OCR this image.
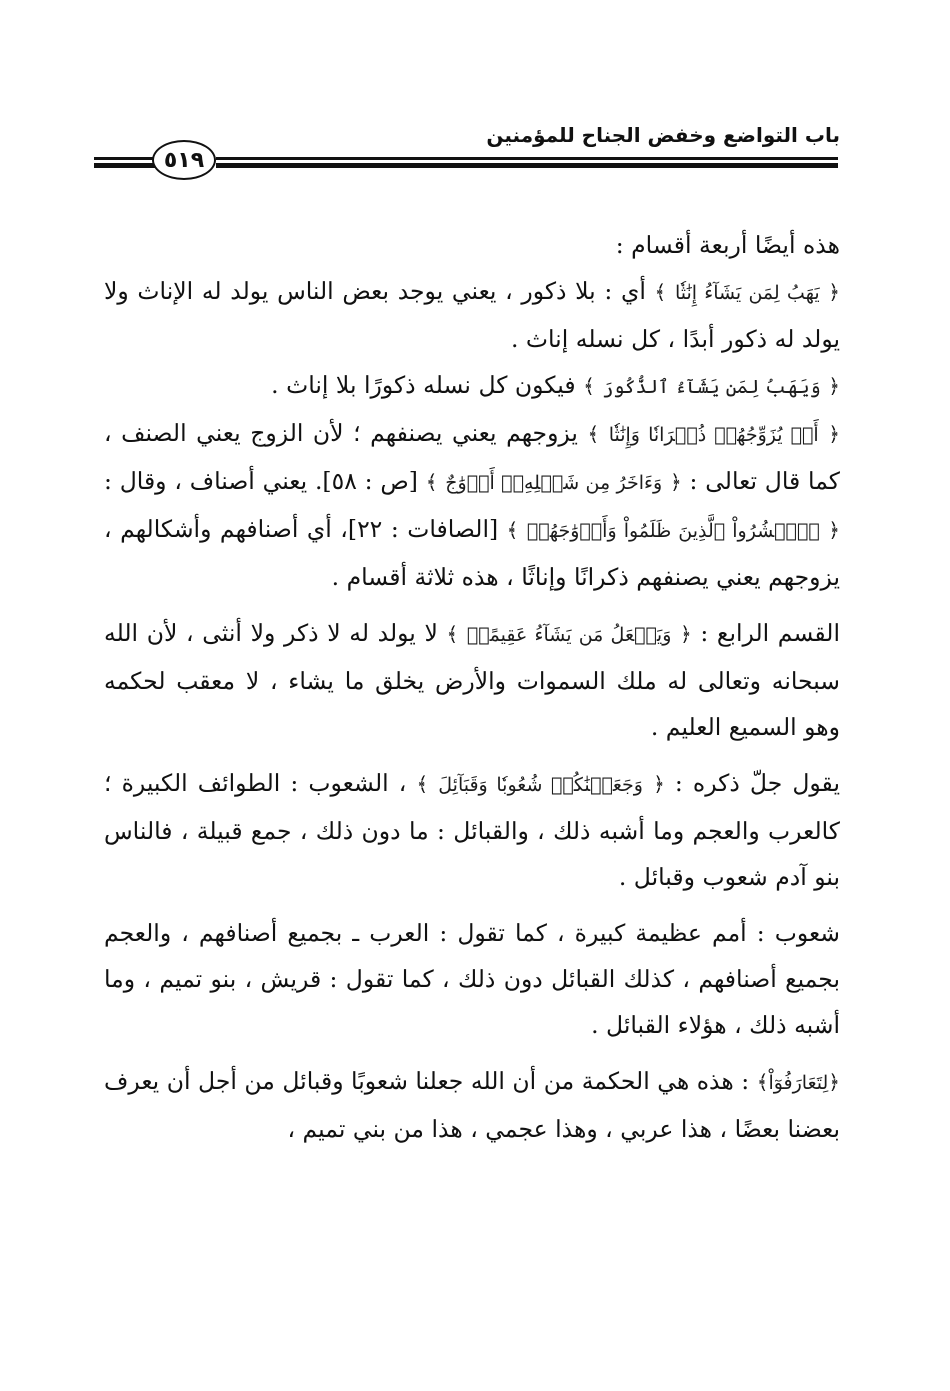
باب التواضع وخفض الجناح للمؤمنين
٥١٩

هذه أيضًا أربعة أقسام :

﴿ يَهَبُ لِمَن يَشَآءُ إِنَٰثٗا ﴾ أي : بلا ذكور ، يعني يوجد بعض الناس يولد له الإناث ولا يولد له ذكور أبدًا ، كل نسله إناث .

﴿ وَيَهَبُ لِمَن يَشَآءُ ٱلذُّكُورَ ﴾ فيكون كل نسله ذكورًا بلا إناث .

﴿ أَوۡ يُزَوِّجُهُمۡ ذُكۡرَانٗا وَإِنَٰثٗا ﴾ يزوجهم يعني يصنفهم ؛ لأن الزوج يعني الصنف ، كما قال تعالى : ﴿ وَءَاخَرُ مِن شَكۡلِهِۦٓ أَزۡوَٰجٌ ﴾ [ص : ٥٨]. يعني أصناف ، وقال : ﴿ ۞ٱحۡشُرُواْ ٱلَّذِينَ ظَلَمُواْ وَأَزۡوَٰجَهُمۡ ﴾ [الصافات : ٢٢]، أي أصنافهم وأشكالهم ، يزوجهم يعني يصنفهم ذكرانًا وإناثًا ، هذه ثلاثة أقسام .

القسم الرابع : ﴿ وَيَجۡعَلُ مَن يَشَآءُ عَقِيمًاۚ ﴾ لا يولد له لا ذكر ولا أنثى ، لأن الله سبحانه وتعالى له ملك السموات والأرض يخلق ما يشاء ، لا معقب لحكمه وهو السميع العليم .

يقول جلّ ذكره : ﴿ وَجَعَلۡنَٰكُمۡ شُعُوبٗا وَقَبَآئِلَ ﴾ ، الشعوب : الطوائف الكبيرة ؛ كالعرب والعجم وما أشبه ذلك ، والقبائل : ما دون ذلك ، جمع قبيلة ، فالناس بنو آدم شعوب وقبائل .

شعوب : أمم عظيمة كبيرة ، كما تقول : العرب ـ بجميع أصنافهم ، والعجم بجميع أصنافهم ، كذلك القبائل دون ذلك ، كما تقول : قريش ، بنو تميم ، وما أشبه ذلك ، هؤلاء القبائل .

﴿لِتَعَارَفُوٓاْ﴾ : هذه هي الحكمة من أن الله جعلنا شعوبًا وقبائل من أجل أن يعرف بعضنا بعضًا ، هذا عربي ، وهذا عجمي ، هذا من بني تميم ،
